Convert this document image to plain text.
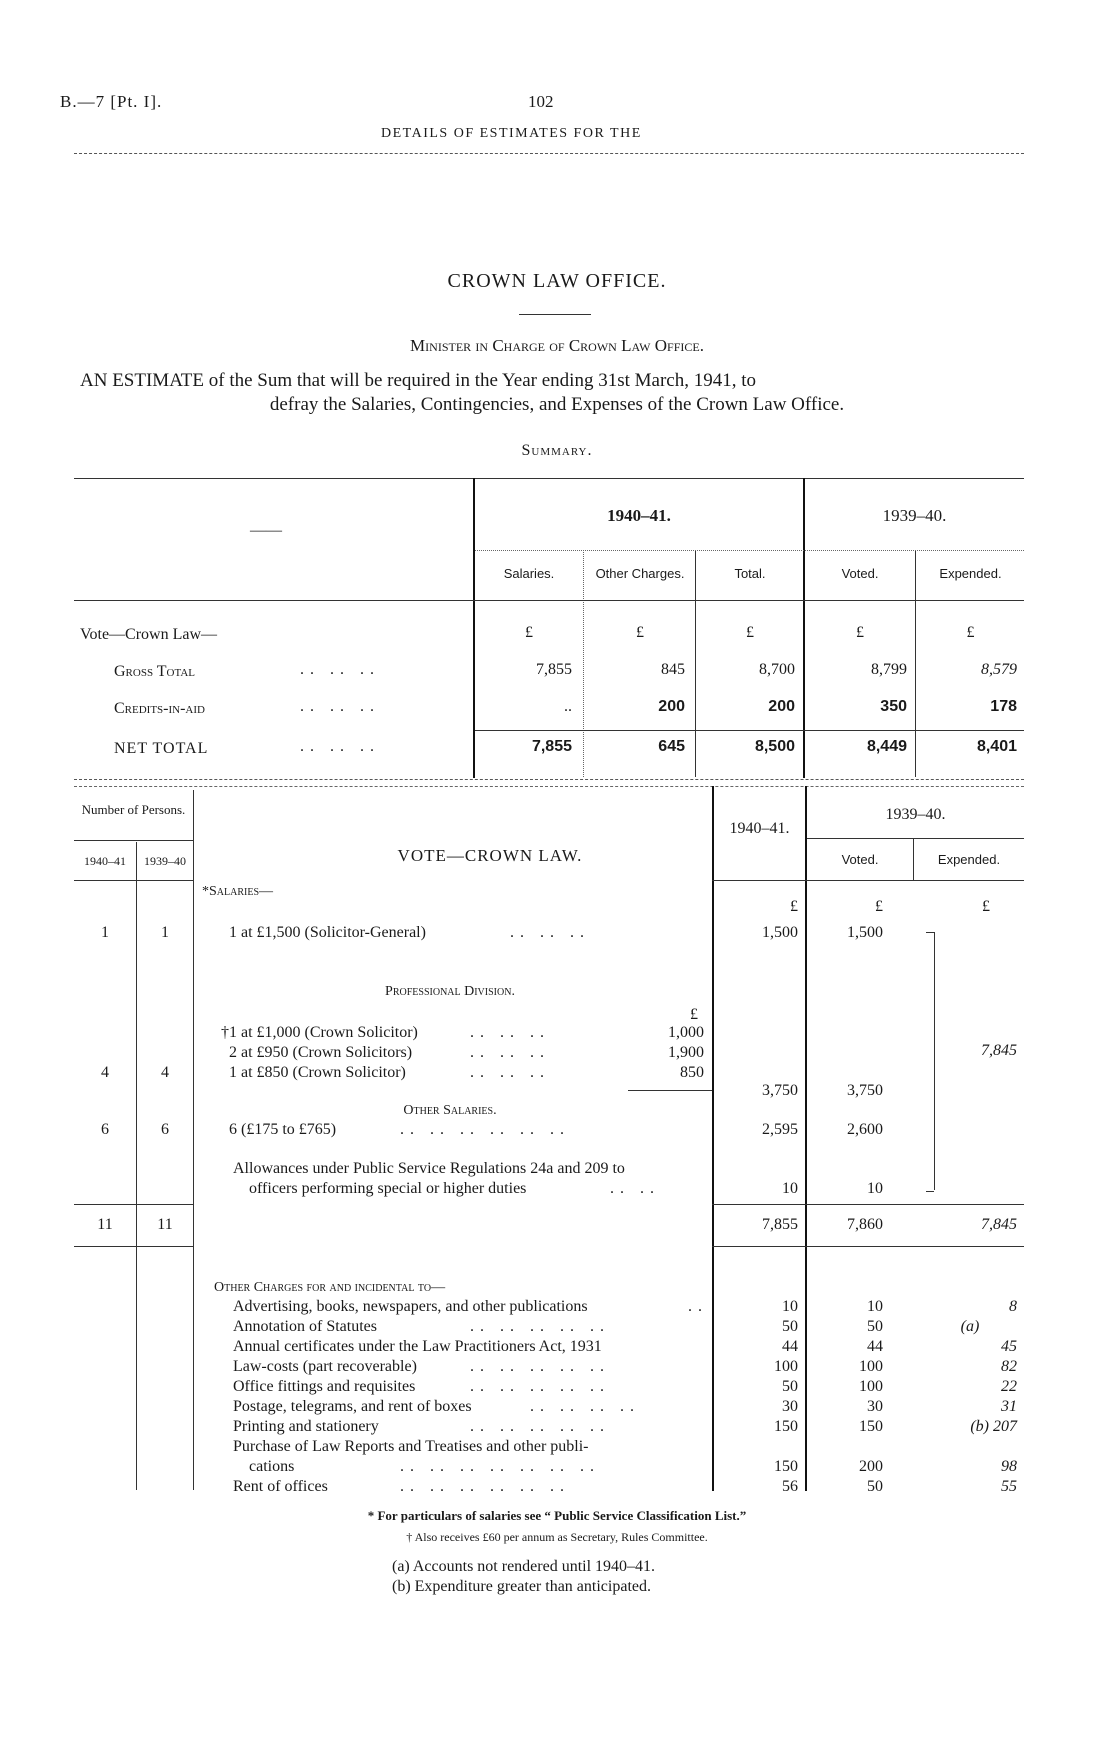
B.—7 [Pt. I].	102
DETAILS OF ESTIMATES FOR THE
CROWN LAW OFFICE.
Minister in Charge of Crown Law Office.
AN ESTIMATE of the Sum that will be required in the Year ending 31st March, 1941, to
defray the Salaries, Contingencies, and Expenses of the Crown Law Office.
Summary.
——
1940–41.	1939–40.
Salaries.	Other Charges.	Total.	Voted.	Expended.
Vote—Crown Law—	£	£	£	£	£
Gross Total	.. .. ..	7,855	845	8,700	8,799	8,579
Credits-in-aid	.. .. ..	..	200	200	350	178
NET TOTAL	.. .. ..	7,855	645	8,500	8,449	8,401
Number of Persons.
1940–41	1939–40	VOTE—CROWN LAW.
1940–41.
1939–40.
Voted.	Expended.
*Salaries—
£	£	£
1	1	1 at £1,500 (Solicitor-General)	.. .. ..	1,500	1,500
Professional Division.
£
†1 at £1,000 (Crown Solicitor)	.. .. ..	1,000
2 at £950 (Crown Solicitors)	.. .. ..	1,900
4	4	1 at £850 (Crown Solicitor)	.. .. ..	850
3,750	3,750
7,845
Other Salaries.
6	6	6 (£175 to £765)	.. .. .. .. .. ..	2,595	2,600
Allowances under Public Service Regulations 24a and 209 to
officers performing special or higher duties	.. ..	10	10
11	11	7,855	7,860	7,845
Other Charges for and incidental to—
Advertising, books, newspapers, and other publications	..	10	10	8
Annotation of Statutes	.. .. .. .. ..	50	50	(a)
Annual certificates under the Law Practitioners Act, 1931	44	44	45
Law-costs (part recoverable)	.. .. .. .. ..	100	100	82
Office fittings and requisites	.. .. .. .. ..	50	100	22
Postage, telegrams, and rent of boxes	.. .. .. ..	30	30	31
Printing and stationery	.. .. .. .. ..	150	150	(b) 207
Purchase of Law Reports and Treatises and other publi-
cations	.. .. .. .. .. .. ..	150	200	98
Rent of offices	.. .. .. .. .. ..	56	50	55
* For particulars of salaries see “ Public Service Classification List.”
† Also receives £60 per annum as Secretary, Rules Committee.
(a) Accounts not rendered until 1940–41.
(b) Expenditure greater than anticipated.
